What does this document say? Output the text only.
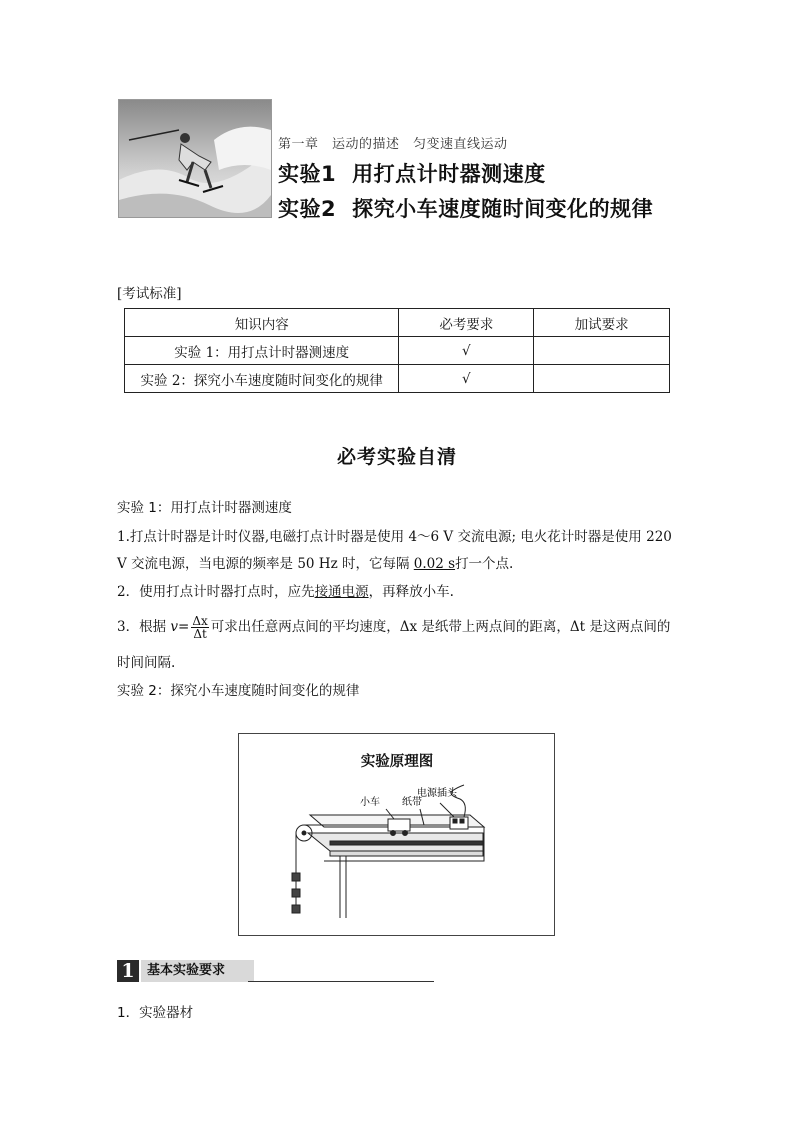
第一章　运动的描述　匀变速直线运动
实验1 用打点计时器测速度
实验2 探究小车速度随时间变化的规律
[考试标准]
知识内容	必考要求	加试要求
实验 1：用打点计时器测速度	√	
实验 2：探究小车速度随时间变化的规律	√	
必考实验自清
实验 1：用打点计时器测速度
1.打点计时器是计时仪器,电磁打点计时器是使用 4～6 V 交流电源; 电火花计时器是使用 220
V 交流电源，当电源的频率是 50 Hz 时，它每隔 0.02 s打一个点.
2．使用打点计时器打点时，应先接通电源，再释放小车.
3．根据 $v= \frac{\Delta x}{\Delta t}$ 可求出任意两点间的平均速度，Δx 是纸带上两点间的距离，Δt 是这两点间的
时间间隔.
实验 2：探究小车速度随时间变化的规律
实验原理图
小车 纸带
电源插头
1 基本实验要求
1．实验器材
